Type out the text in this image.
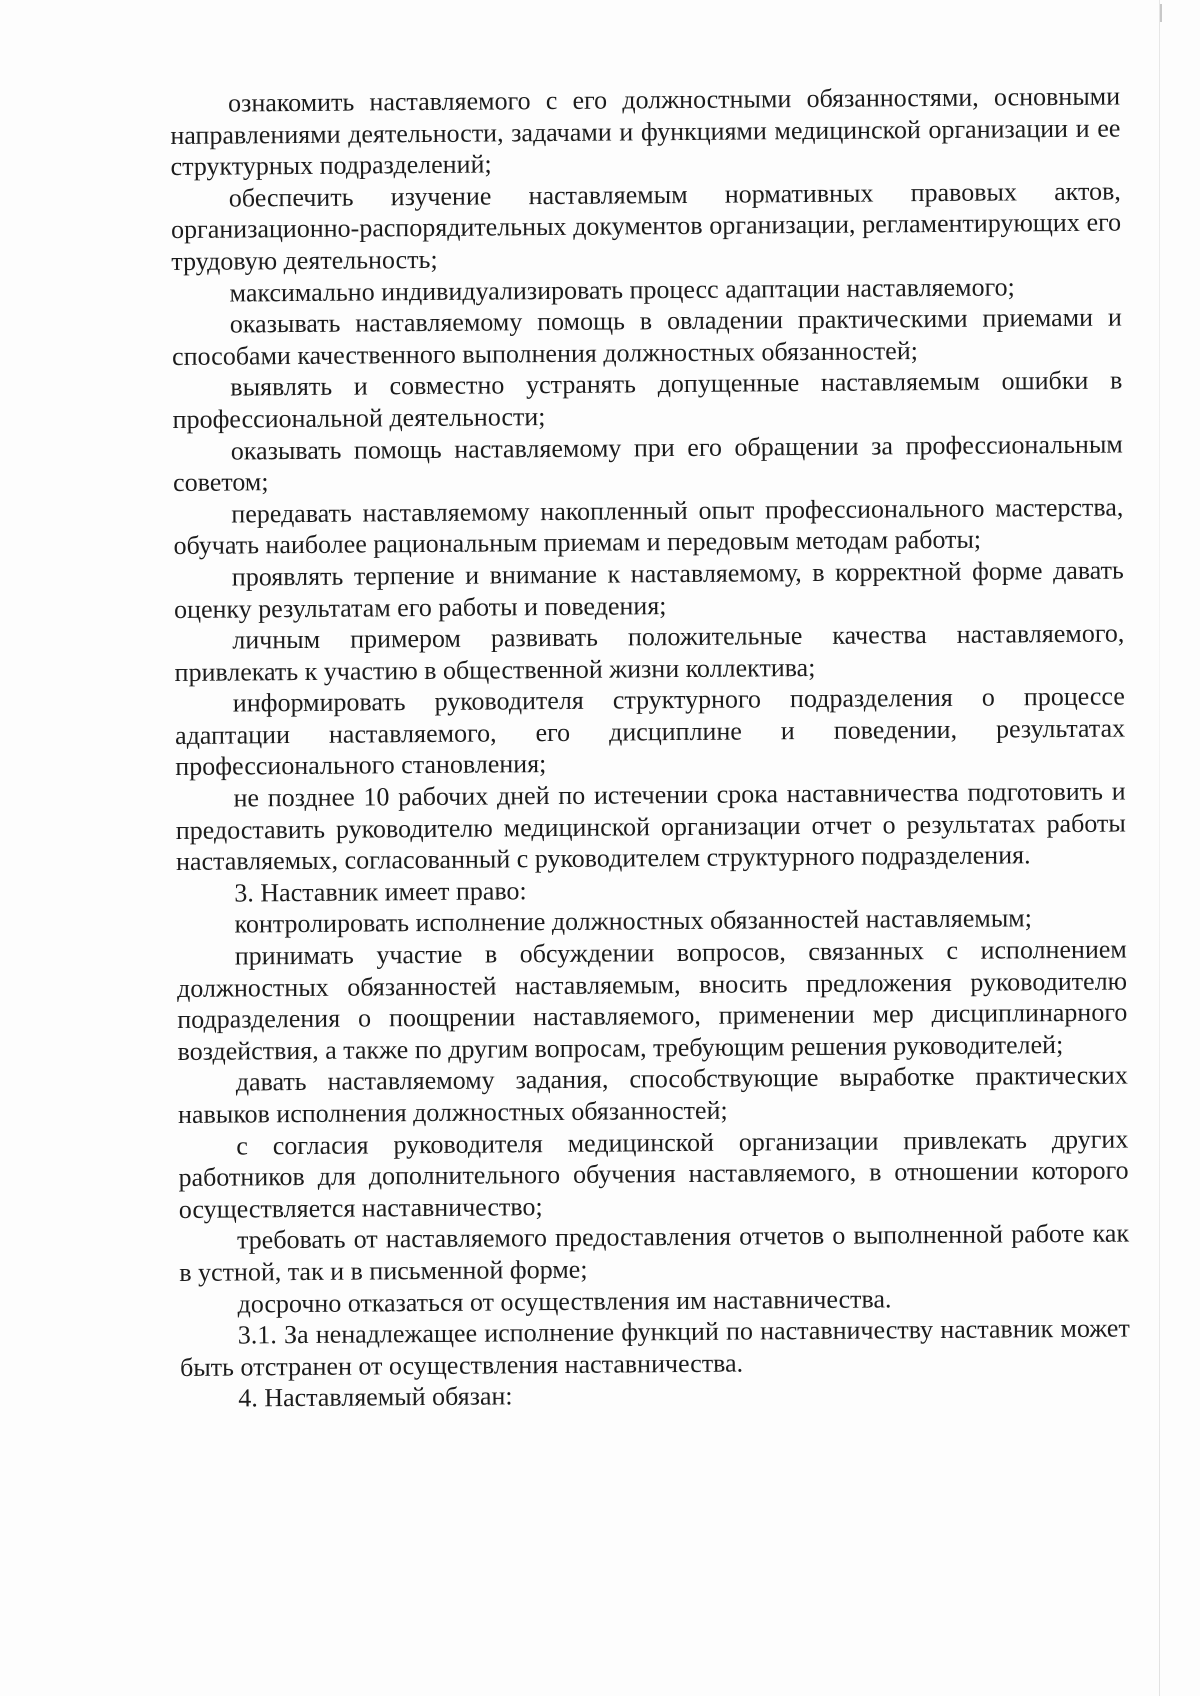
ознакомить наставляемого с его должностными обязанностями, основными направлениями деятельности, задачами и функциями медицинской организации и ее структурных подразделений;

обеспечить изучение наставляемым нормативных правовых актов, организационно-распорядительных документов организации, регламентирующих его трудовую деятельность;

максимально индивидуализировать процесс адаптации наставляемого;

оказывать наставляемому помощь в овладении практическими приемами и способами качественного выполнения должностных обязанностей;

выявлять и совместно устранять допущенные наставляемым ошибки в профессиональной деятельности;

оказывать помощь наставляемому при его обращении за профессиональным советом;

передавать наставляемому накопленный опыт профессионального мастерства, обучать наиболее рациональным приемам и передовым методам работы;

проявлять терпение и внимание к наставляемому, в корректной форме давать оценку результатам его работы и поведения;

личным примером развивать положительные качества наставляемого, привлекать к участию в общественной жизни коллектива;

информировать руководителя структурного подразделения о процессе адаптации наставляемого, его дисциплине и поведении, результатах профессионального становления;

не позднее 10 рабочих дней по истечении срока наставничества подготовить и предоставить руководителю медицинской организации отчет о результатах работы наставляемых, согласованный с руководителем структурного подразделения.

3. Наставник имеет право:

контролировать исполнение должностных обязанностей наставляемым;

принимать участие в обсуждении вопросов, связанных с исполнением должностных обязанностей наставляемым, вносить предложения руководителю подразделения о поощрении наставляемого, применении мер дисциплинарного воздействия, а также по другим вопросам, требующим решения руководителей;

давать наставляемому задания, способствующие выработке практических навыков исполнения должностных обязанностей;

с согласия руководителя медицинской организации привлекать других работников для дополнительного обучения наставляемого, в отношении которого осуществляется наставничество;

требовать от наставляемого предоставления отчетов о выполненной работе как в устной, так и в письменной форме;

досрочно отказаться от осуществления им наставничества.

3.1. За ненадлежащее исполнение функций по наставничеству наставник может быть отстранен от осуществления наставничества.

4. Наставляемый обязан:
